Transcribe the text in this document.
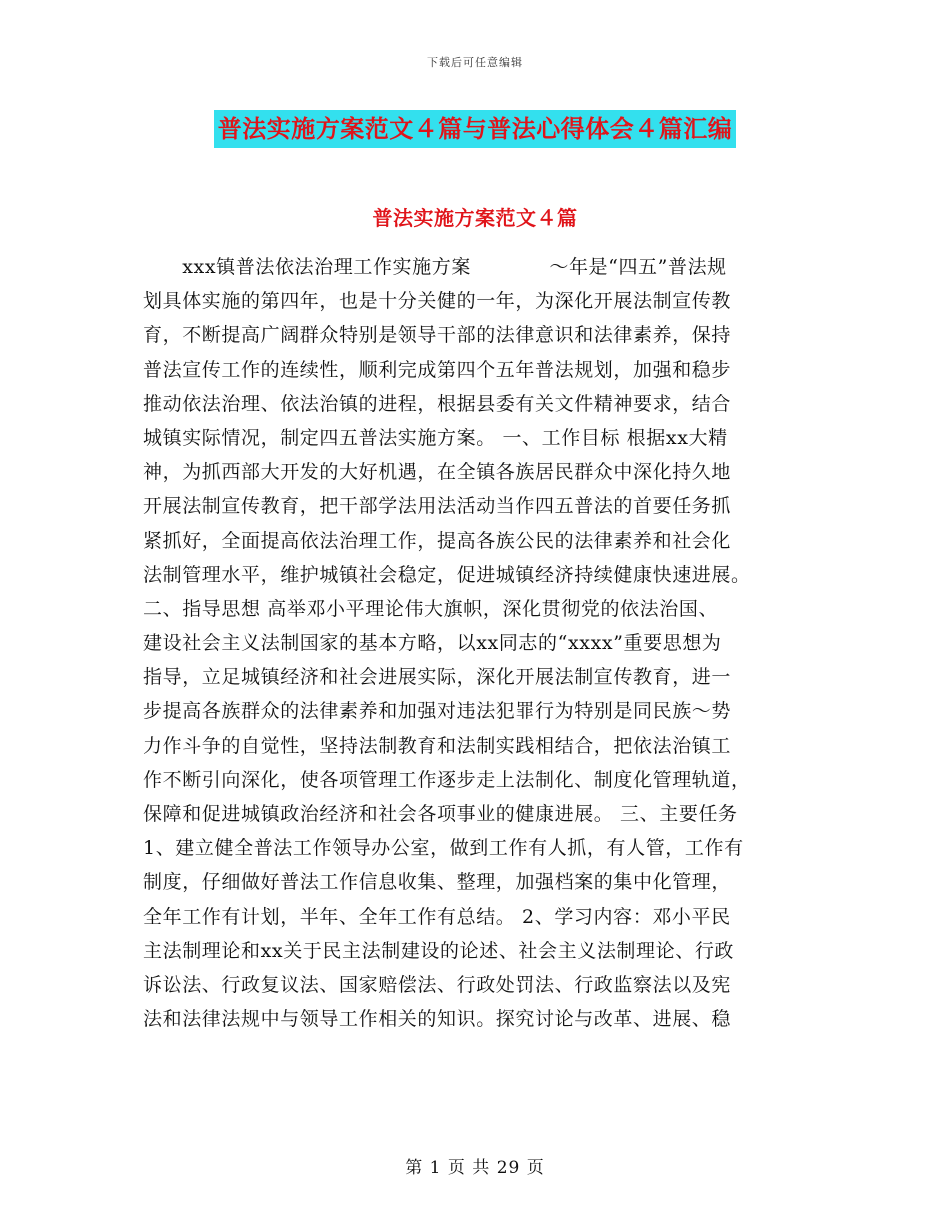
下载后可任意编辑
普法实施方案范文４篇与普法心得体会４篇汇编
普法实施方案范文４篇
　　xxx镇普法依法治理工作实施方案　　　　～年是“四五”普法规
划具体实施的第四年，也是十分关健的一年，为深化开展法制宣传教
育，不断提高广阔群众特别是领导干部的法律意识和法律素养，保持
普法宣传工作的连续性，顺利完成第四个五年普法规划，加强和稳步
推动依法治理、依法治镇的进程，根据县委有关文件精神要求，结合
城镇实际情况，制定四五普法实施方案。 一、工作目标 根据xx大精
神，为抓西部大开发的大好机遇，在全镇各族居民群众中深化持久地
开展法制宣传教育，把干部学法用法活动当作四五普法的首要任务抓
紧抓好，全面提高依法治理工作，提高各族公民的法律素养和社会化
法制管理水平，维护城镇社会稳定，促进城镇经济持续健康快速进展。
二、指导思想 高举邓小平理论伟大旗帜，深化贯彻党的依法治国、
建设社会主义法制国家的基本方略，以xx同志的“xxxx”重要思想为
指导，立足城镇经济和社会进展实际，深化开展法制宣传教育，进一
步提高各族群众的法律素养和加强对违法犯罪行为特别是同民族～势
力作斗争的自觉性，坚持法制教育和法制实践相结合，把依法治镇工
作不断引向深化，使各项管理工作逐步走上法制化、制度化管理轨道，
保障和促进城镇政治经济和社会各项事业的健康进展。 三、主要任务
1、建立健全普法工作领导办公室，做到工作有人抓，有人管，工作有
制度，仔细做好普法工作信息收集、整理，加强档案的集中化管理，
全年工作有计划，半年、全年工作有总结。 2、学习内容：邓小平民
主法制理论和xx关于民主法制建设的论述、社会主义法制理论、行政
诉讼法、行政复议法、国家赔偿法、行政处罚法、行政监察法以及宪
法和法律法规中与领导工作相关的知识。探究讨论与改革、进展、稳
第 1 页 共 29 页
